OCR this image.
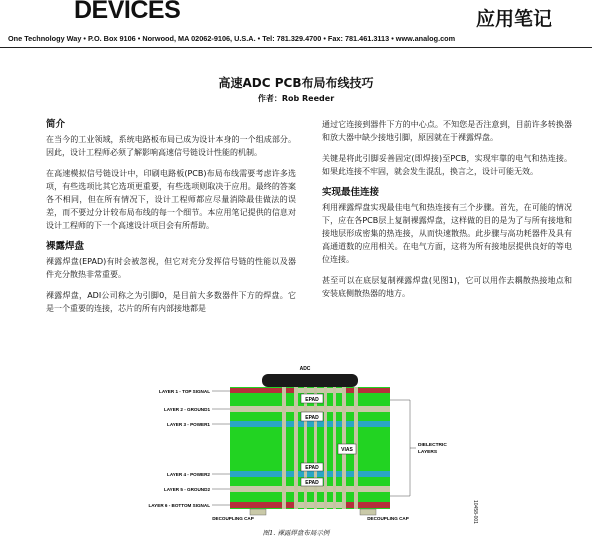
DEVICES	应用笔记
One Technology Way • P.O. Box 9106 • Norwood, MA 02062-9106, U.S.A. • Tel: 781.329.4700 • Fax: 781.461.3113 • www.analog.com
高速ADC PCB布局布线技巧
作者：Rob Reeder
简介

在当今的工业领域，系统电路板布局已成为设计本身的一个组成部分。因此，设计工程师必须了解影响高速信号链设计性能的机制。

在高速模拟信号链设计中，印刷电路板(PCB)布局布线需要考虑许多选项，有些选项比其它选项更重要，有些选项则取决于应用。最终的答案各不相同，但在所有情况下，设计工程师都应尽量消除最佳做法的误差，而不要过分计较布局布线的每一个细节。本应用笔记提供的信息对设计工程师的下一个高速设计项目会有所帮助。

裸露焊盘

裸露焊盘(EPAD)有时会被忽视，但它对充分发挥信号链的性能以及器件充分散热非常重要。

裸露焊盘，ADI公司称之为引脚0，是目前大多数器件下方的焊盘。它是一个重要的连接，芯片的所有内部接地都是

通过它连接到器件下方的中心点。不知您是否注意到，目前许多转换器和放大器中缺少接地引脚，原因就在于裸露焊盘。

关键是将此引脚妥善固定(即焊接)至PCB，实现牢靠的电气和热连接。如果此连接不牢固，就会发生混乱，换言之，设计可能无效。

实现最佳连接

利用裸露焊盘实现最佳电气和热连接有三个步骤。首先，在可能的情况下，应在各PCB层上复制裸露焊盘，这样做的目的是为了与所有接地和接地层形成密集的热连接，从而快速散热。此步骤与高功耗器件及具有高通道数的应用相关。在电气方面，这将为所有接地层提供良好的等电位连接。

甚至可以在底层复制裸露焊盘(见图1)，它可以用作去耦散热接地点和安装底侧散热器的地方。

ADC
EPAD
EPAD
EPAD
EPAD
VIAS
DECOUPLING CAP	DECOUPLING CAP
LAYER 1 - TOP SIGNAL
LAYER 2 - GROUND1
LAYER 3 - POWER1
LAYER 4 - POWER2
LAYER 5 - GROUND2
LAYER 6 - BOTTOM SIGNAL
DIELECTRIC
LAYERS
10458-001
图1. 裸露焊盘布局示例
